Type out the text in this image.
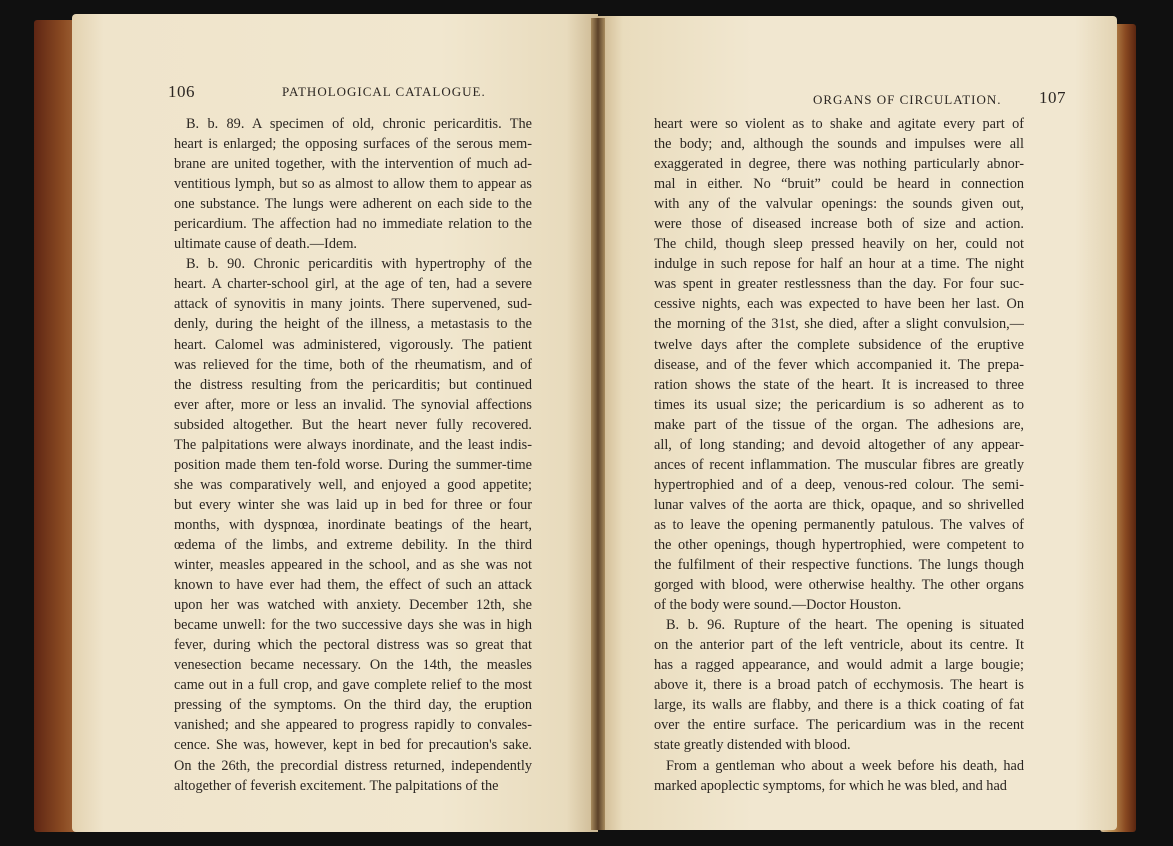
106	PATHOLOGICAL CATALOGUE.
B. b. 89. A specimen of old, chronic pericarditis. The
heart is enlarged; the opposing surfaces of the serous mem-
brane are united together, with the intervention of much ad-
ventitious lymph, but so as almost to allow them to appear as
one substance. The lungs were adherent on each side to the
pericardium. The affection had no immediate relation to the
ultimate cause of death.—Idem.
B. b. 90. Chronic pericarditis with hypertrophy of the
heart. A charter-school girl, at the age of ten, had a severe
attack of synovitis in many joints. There supervened, sud-
denly, during the height of the illness, a metastasis to the
heart. Calomel was administered, vigorously. The patient
was relieved for the time, both of the rheumatism, and of
the distress resulting from the pericarditis; but continued
ever after, more or less an invalid. The synovial affections
subsided altogether. But the heart never fully recovered.
The palpitations were always inordinate, and the least indis-
position made them ten-fold worse. During the summer-time
she was comparatively well, and enjoyed a good appetite;
but every winter she was laid up in bed for three or four
months, with dyspnœa, inordinate beatings of the heart,
œdema of the limbs, and extreme debility. In the third
winter, measles appeared in the school, and as she was not
known to have ever had them, the effect of such an attack
upon her was watched with anxiety. December 12th, she
became unwell: for the two successive days she was in high
fever, during which the pectoral distress was so great that
venesection became necessary. On the 14th, the measles
came out in a full crop, and gave complete relief to the most
pressing of the symptoms. On the third day, the eruption
vanished; and she appeared to progress rapidly to convales-
cence. She was, however, kept in bed for precaution's sake.
On the 26th, the precordial distress returned, independently
altogether of feverish excitement. The palpitations of the
ORGANS OF CIRCULATION. 107
heart were so violent as to shake and agitate every part of
the body; and, although the sounds and impulses were all
exaggerated in degree, there was nothing particularly abnor-
mal in either. No “bruit” could be heard in connection
with any of the valvular openings: the sounds given out,
were those of diseased increase both of size and action.
The child, though sleep pressed heavily on her, could not
indulge in such repose for half an hour at a time. The night
was spent in greater restlessness than the day. For four suc-
cessive nights, each was expected to have been her last. On
the morning of the 31st, she died, after a slight convulsion,—
twelve days after the complete subsidence of the eruptive
disease, and of the fever which accompanied it. The prepa-
ration shows the state of the heart. It is increased to three
times its usual size; the pericardium is so adherent as to
make part of the tissue of the organ. The adhesions are,
all, of long standing; and devoid altogether of any appear-
ances of recent inflammation. The muscular fibres are greatly
hypertrophied and of a deep, venous-red colour. The semi-
lunar valves of the aorta are thick, opaque, and so shrivelled
as to leave the opening permanently patulous. The valves of
the other openings, though hypertrophied, were competent to
the fulfilment of their respective functions. The lungs though
gorged with blood, were otherwise healthy. The other organs
of the body were sound.—Doctor Houston.
B. b. 96. Rupture of the heart. The opening is situated
on the anterior part of the left ventricle, about its centre. It
has a ragged appearance, and would admit a large bougie;
above it, there is a broad patch of ecchymosis. The heart is
large, its walls are flabby, and there is a thick coating of fat
over the entire surface. The pericardium was in the recent
state greatly distended with blood.
From a gentleman who about a week before his death, had
marked apoplectic symptoms, for which he was bled, and had
